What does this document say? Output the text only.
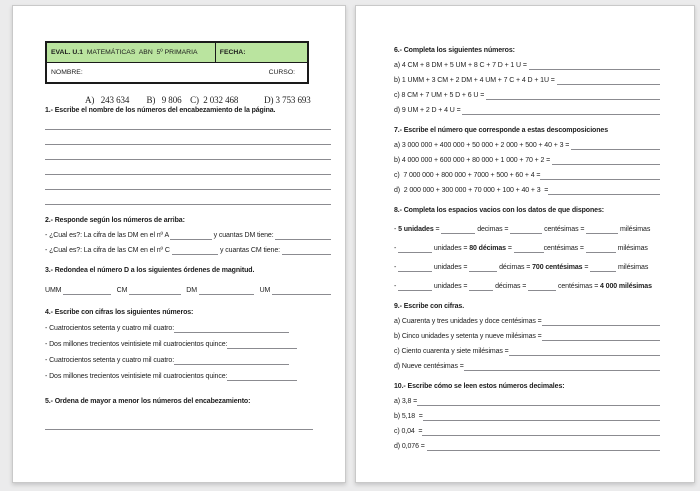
EVAL. U.1 MATEMÁTICAS  ABN  5º PRIMARIA	FECHA:
NOMBRE:	CURSO:
A)   243 634        B)   9 806    C)  2 032 468            D) 3 753 693
1.- Escribe el nombre de los números del encabezamiento de la página.
2.- Responde según los números de arriba:
- ¿Cual es?: La cifra de las DM en el nº A	y cuantas DM tiene:
- ¿Cual es?: La cifra de las CM en el nº C	y cuantas CM tiene:
3.- Redondea el número D a los siguientes órdenes de magnitud.
UMM	CM	DM	UM
4.- Escribe con cifras los siguientes números:
- Cuatrocientos setenta y cuatro mil cuatro:
- Dos millones trecientos veintisiete mil cuatrocientos quince:
- Cuatrocientos setenta y cuatro mil cuatro:
- Dos millones trecientos veintisiete mil cuatrocientos quince:
5.- Ordena de mayor a menor los números del encabezamiento:
6.- Completa los siguientes números:
a) 4 CM + 8 DM + 5 UM + 8 C + 7 D + 1 U =
b) 1 UMM + 3 CM + 2 DM + 4 UM + 7 C + 4 D + 1U =
c) 8 CM + 7 UM + 5 D + 6 U =
d) 9 UM + 2 D + 4 U =
7.- Escribe el número que corresponde a estas descomposiciones
a) 3 000 000 + 400 000 + 50 000 + 2 000 + 500 + 40 + 3 =
b) 4 000 000 + 600 000 + 80 000 + 1 000 + 70 + 2 =
c)  7 000 000 + 800 000 + 7000 + 500 + 60 + 4 =
d)  2 000 000 + 300 000 + 70 000 + 100 + 40 + 3  =
8.- Completa los espacios vacios con los datos de que dispones:
- 5 unidades =	decimas =	centésimas =	milésimas
-	unidades = 80 décimas =	centésimas =	milésimas
-	unidades =	décimas = 700 centésimas =	milésimas
-	unidades =	décimas =	centésimas = 4 000 milésimas
9.- Escribe con cifras.
a) Cuarenta y tres unidades y doce centésimas =
b) Cinco unidades y setenta y nueve milésimas =
c) Ciento cuarenta y siete milésimas =
d) Nueve centésimas =
10.- Escribe cómo se leen estos números decimales:
a) 3,8 =
b) 5,18  =
c) 0,04  =
d) 0,076 =
